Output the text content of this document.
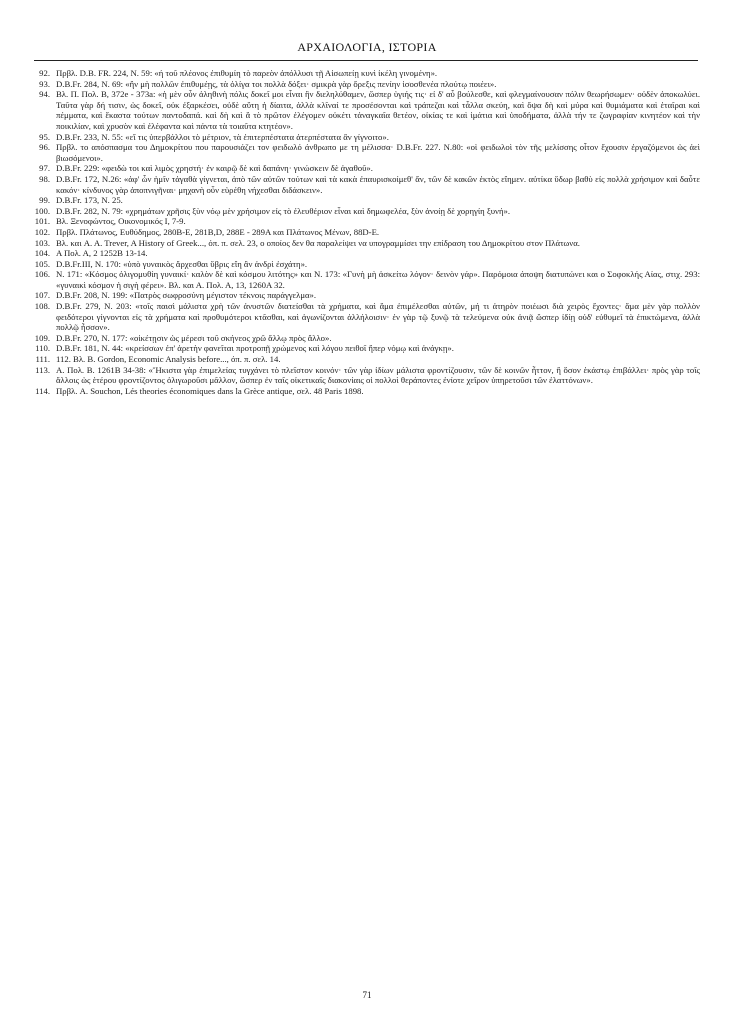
ΑΡΧΑΙΟΛΟΓΙΑ, ΙΣΤΟΡΙΑ
92. Πρβλ. D.B. FR. 224, N. 59: «ή τοῦ πλέονος ἐπιθυμίη τὸ παρεὸν ἀπόλλυσι τῇ Αἰσωπείῃ κυνὶ ἰκέλη γινομένη».
93. D.B.Fr. 284, N. 69: «ἢν μὴ πολλῶν ἐπιθυμέῃς, τὰ ὀλίγα τοι πολλὰ δόξει· σμικρὰ γὰρ ὄρεξις πενίην ἰσοσθενέα πλούτῳ ποιέει».
94. Βλ. Π. Πολ. Β, 372e - 373a: «ἡ μὲν οὖν ἀληθινὴ πόλις δοκεῖ μοι εἶναι ἣν διεληλύθαμεν, ὥσπερ ὑγιής τις· εἰ δ' αὖ βούλεσθε, καὶ φλεγμαίνουσαν πόλιν θεωρήσωμεν· οὐδὲν ἀποκωλύει. Ταῦτα γὰρ δή τισιν, ὡς δοκεῖ, οὐκ ἐξαρκέσει, οὐδὲ αὕτη ἡ δίαιτα, ἀλλὰ κλῖναί τε προσέσονται καὶ τράπεζαι καὶ τἆλλα σκεύη, καὶ ὄψα δὴ καὶ μύρα καὶ θυμιάματα καὶ ἑταῖραι καὶ πέμματα, καὶ ἕκαστα τούτων παντοδαπά. καὶ δὴ καὶ ἃ τὸ πρῶτον ἐλέγομεν οὐκέτι τἀναγκαῖα θετέον, οἰκίας τε καὶ ἱμάτια καὶ ὑποδήματα, ἀλλὰ τήν τε ζωγραφίαν κινητέον καὶ τὴν ποικιλίαν, καὶ χρυσὸν καὶ ἐλέφαντα καὶ πάντα τὰ τοιαῦτα κτητέον».
95. D.B.Fr. 233, N. 55: «εἴ τις ὑπερβάλλοι τὸ μέτριον, τὰ ἐπιτερπέστατα ἀτερπέστατα ἂν γίγνοιτο».
96. Πρβλ. το απόσπασμα του Δημοκρίτου που παρουσιάζει τον φειδωλό άνθρωπο με τη μέλισσα· D.B.Fr. 227. N.80: «οἱ φειδωλοὶ τὸν τῆς μελίσσης οἶτον ἔχουσιν ἐργαζόμενοι ὡς ἀεὶ βιωσόμενοι».
97. D.B.Fr. 229: «φειδὼ τοι καὶ λιμὸς χρηστή· ἐν καιρῷ δὲ καὶ δαπάνη· γινώσκειν δὲ ἀγαθοῦ».
98. D.B.Fr. 172, N.26: «ἀφ' ὧν ἡμῖν τἀγαθὰ γίγνεται, ἀπὸ τῶν αὐτῶν τούτων καὶ τὰ κακὰ ἐπαυρισκοίμεθ' ἄν, τῶν δὲ κακῶν ἐκτὸς εἴημεν. αὐτίκα ὕδωρ βαθὺ εἰς πολλὰ χρήσιμον καὶ δαὖτε κακόν· κίνδυνος γὰρ ἀποπνιγῆναι· μηχανὴ οὖν εὑρέθη νήχεσθαι διδάσκειν».
99. D.B.Fr. 173, N. 25.
100. D.B.Fr. 282, N. 79: «χρημάτων χρῆσις ξὺν νόῳ μὲν χρήσιμον εἰς τὸ ἐλευθέριον εἶναι καὶ δημωφελέα, ξὺν ἀνοίῃ δὲ χορηγίη ξυνή».
101. Βλ. Ξενοφώντος, Οικονομικός Ι, 7-9.
102. Πρβλ. Πλάτωνος, Ευθύδημος, 280Β-Ε, 281Β,D, 288Ε - 289Α και Πλάτωνος Μένων, 88D-Ε.
103. Βλ. και A. A. Trever, A History of Greek..., όπ. π. σελ. 23, ο οποίος δεν θα παραλείψει να υπογραμμίσει την επίδραση του Δημοκρίτου στον Πλάτωνα.
104. Α Πολ. Α, 2 1252Β 13-14.
105. D.B.Fr.III, N. 170: «ὑπὸ γυναικὸς ἄρχεσθαι ὕβρις εἴη ἂν ἀνδρὶ ἐσχάτη».
106. N. 171: «Κόσμος ὀλιγομυθίη γυναικί· καλὸν δὲ καὶ κόσμου λιτότης» και N. 173: «Γυνὴ μὴ ἀσκείτω λόγον· δεινὸν γάρ». Παρόμοια άποψη διατυπώνει και ο Σοφοκλής Αίας, στιχ. 293: «γυναικὶ κόσμον ἡ σιγὴ φέρει». Βλ. και Α. Πολ. Α, 13, 1260Α 32.
107. D.B.Fr. 208, N. 199: «Πατρὸς σωφροσύνη μέγιστον τέκνοις παράγγελμα».
108. D.B.Fr. 279, N. 203: «τοῖς παισὶ μάλιστα χρὴ τῶν ἀνυστῶν διατείσθαι τὰ χρήματα, καὶ ἅμα ἐπιμέλεσθαι αὐτῶν, μή τι ἀτηρὸν ποιέωσι διὰ χειρὸς ἔχοντες· ἅμα μὲν γὰρ πολλὸν φειδότεροι γίγνονται εἰς τὰ χρήματα καὶ προθυμότεροι κτᾶσθαι, καὶ ἀγωνίζονται ἀλλήλοισιν· ἐν γὰρ τῷ ξυνῷ τὰ τελεύμενα οὐκ ἀνιᾷ ὥσπερ ἰδίῃ οὐδ' εὐθυμεῖ τὰ ἐπικτώμενα, ἀλλὰ πολλῷ ἧσσον».
109. D.B.Fr. 270, N. 177: «οἰκέτῃσιν ὡς μέρεσι τοῦ σκήνεος χρῶ ἄλλῳ πρὸς ἄλλο».
110. D.B.Fr. 181, N. 44: «κρείσσων ἐπ' ἀρετὴν φανεῖται προτροπῇ χρώμενος καὶ λόγου πειθοῖ ἤπερ νόμῳ καὶ ἀνάγκῃ».
111. 112. Βλ. B. Gordon, Economic Analysis before..., όπ. π. σελ. 14.
113. Α. Πολ. Β. 1261Β 34-38: «Ἥκιστα γὰρ ἐπιμελείας τυγχάνει τὸ πλεῖστον κοινόν· τῶν γὰρ ἰδίων μάλιστα φροντίζουσιν, τῶν δὲ κοινῶν ἧττον, ἢ ὅσον ἑκάστῳ ἐπιβάλλει· πρὸς γὰρ τοῖς ἄλλοις ὡς ἑτέρου φροντίζοντος ὀλιγωροῦσι μᾶλλον, ὥσπερ ἐν ταῖς οἰκετικαῖς διακονίαις οἱ πολλοὶ θεράποντες ἐνίοτε χεῖρον ὑπηρετοῦσι τῶν ἐλαττόνων».
114. Πρβλ. A. Souchon, Lés theories économiques dans la Grèce antique, σελ. 48 Paris 1898.
71
